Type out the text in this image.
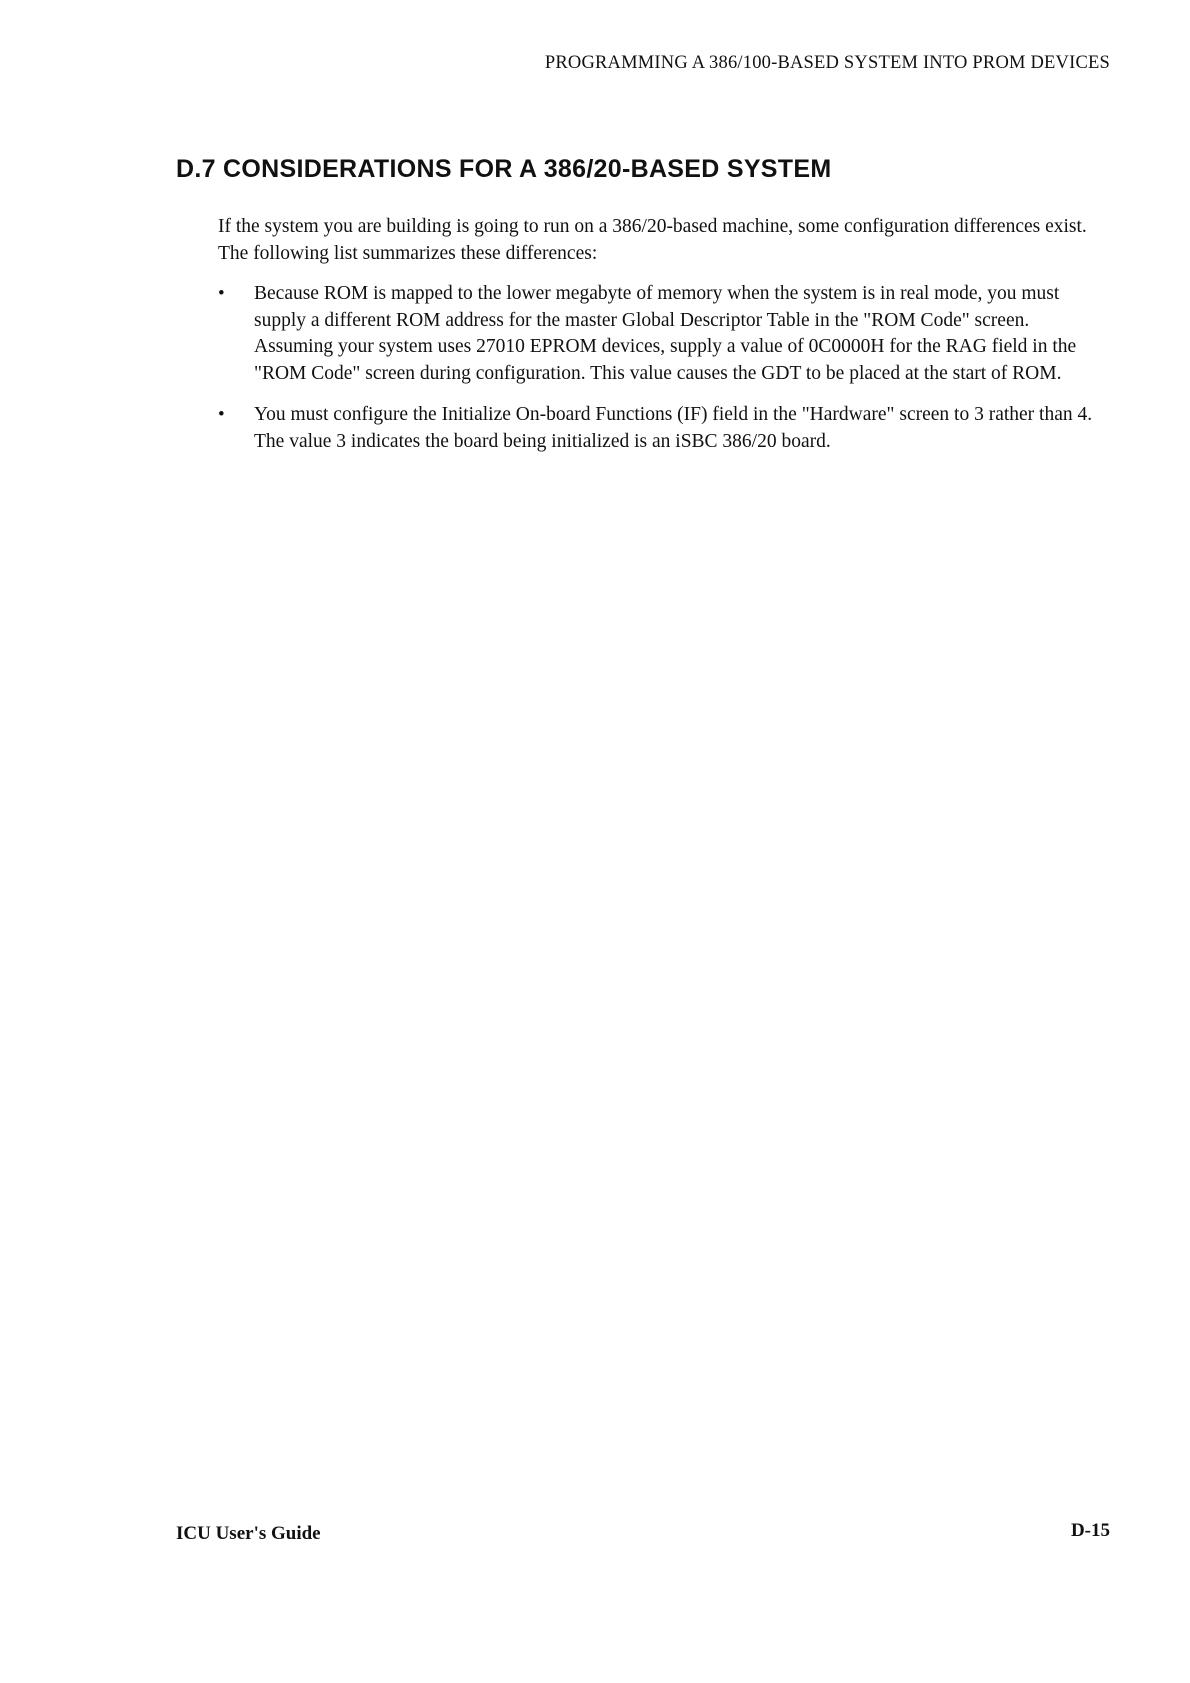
PROGRAMMING A 386/100-BASED SYSTEM INTO PROM DEVICES
D.7 CONSIDERATIONS FOR A 386/20-BASED SYSTEM

If the system you are building is going to run on a 386/20-based machine, some configuration differences exist. The following list summarizes these differences:

•	Because ROM is mapped to the lower megabyte of memory when the system is in real mode, you must supply a different ROM address for the master Global Descriptor Table in the "ROM Code" screen. Assuming your system uses 27010 EPROM devices, supply a value of 0C0000H for the RAG field in the "ROM Code" screen during configuration. This value causes the GDT to be placed at the start of ROM.
•	You must configure the Initialize On-board Functions (IF) field in the "Hardware" screen to 3 rather than 4. The value 3 indicates the board being initialized is an iSBC 386/20 board.
ICU User's Guide	D-15
